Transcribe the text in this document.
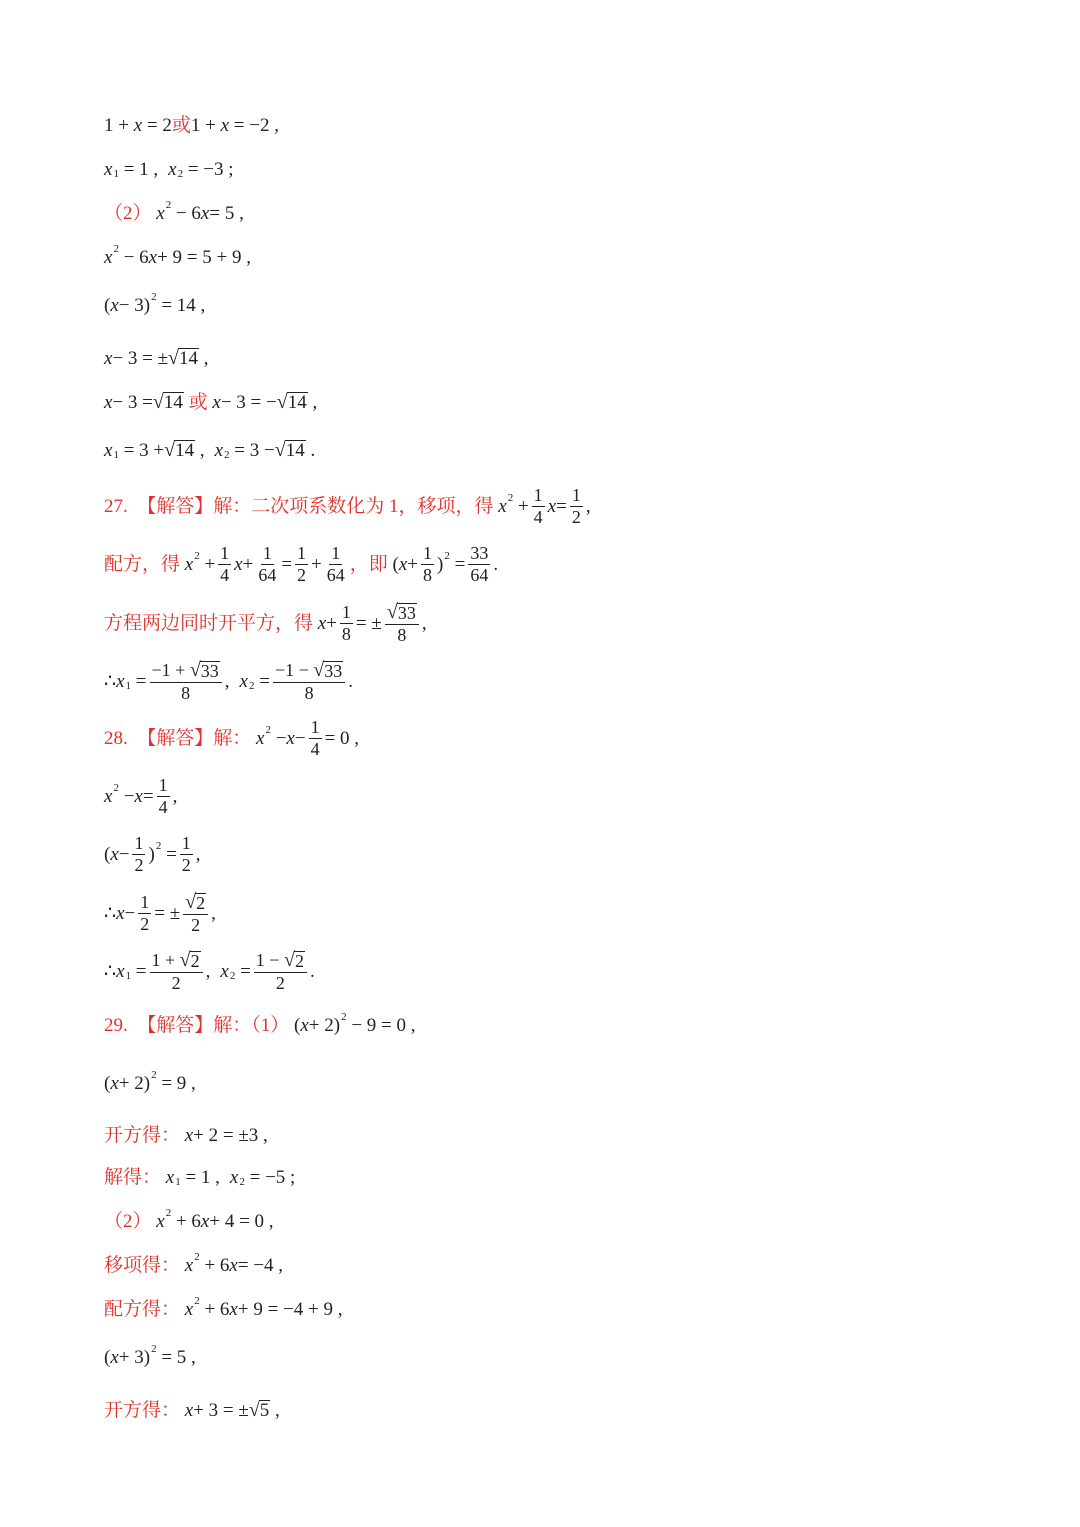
1 + x = 2 或 1 + x = −2 ,
x 1 = 1 , x 2 = −3 ;
（2）
x 2 − 6 x = 5 ,
x 2 − 6 x + 9 = 5 + 9 ,
( x − 3) 2 = 14 ,
x − 3 = ± √ 14 ,
x − 3 = √ 14
或
x − 3 = − √ 14 ,
x 1 = 3 + √ 14 , x 2 = 3 − √ 14 .
27.  【解答】解：二次项系数化为 1，移项，得
x $2 + \frac{1}{4}$ $x = \frac{1}{2}$ ,
配方，得
x $2 + \frac{1}{4}$ $x + \frac{1}{64} = \frac{1}{2} + \frac{1}{64}$ ，即 ( $x + \frac{1}{8}$ ) $2 = \frac{33}{64}$ .
方程两边同时开平方，得
$x + \frac{1}{8}$ = ± $\frac{√ 33}{8}$ ,
∴ x $1 = \frac{-1 + √ 33}{8}$ , x $2 = \frac{-1 - √ 33}{8}$ .
28.  【解答】解：
x $2 - x - \frac{1}{4} = 0$ ,
x $2 - x = \frac{1}{4}$ ,
( $x - \frac{1}{2}$ ) $2 = \frac{1}{2}$ ,
∴ $x - \frac{1}{2}$ = ± $\frac{√ 2}{2}$ ,
∴ x $1 = \frac{1 + √ 2}{2}$ , x $2 = \frac{1 - √ 2}{2}$ .
29.  【解答】解：（1） ( x + 2) 2 − 9 = 0 ,
( x + 2) 2 = 9 ,
开方得：
x + 2 = ±3 ,
解得：
x 1 = 1 , x 2 = −5 ;
（2）
x 2 + 6 x + 4 = 0 ,
移项得：
x 2 + 6 x = −4 ,
配方得：
x 2 + 6 x + 9 = −4 + 9 ,
( x + 3) 2 = 5 ,
开方得：
x + 3 = ± √ 5 ,
